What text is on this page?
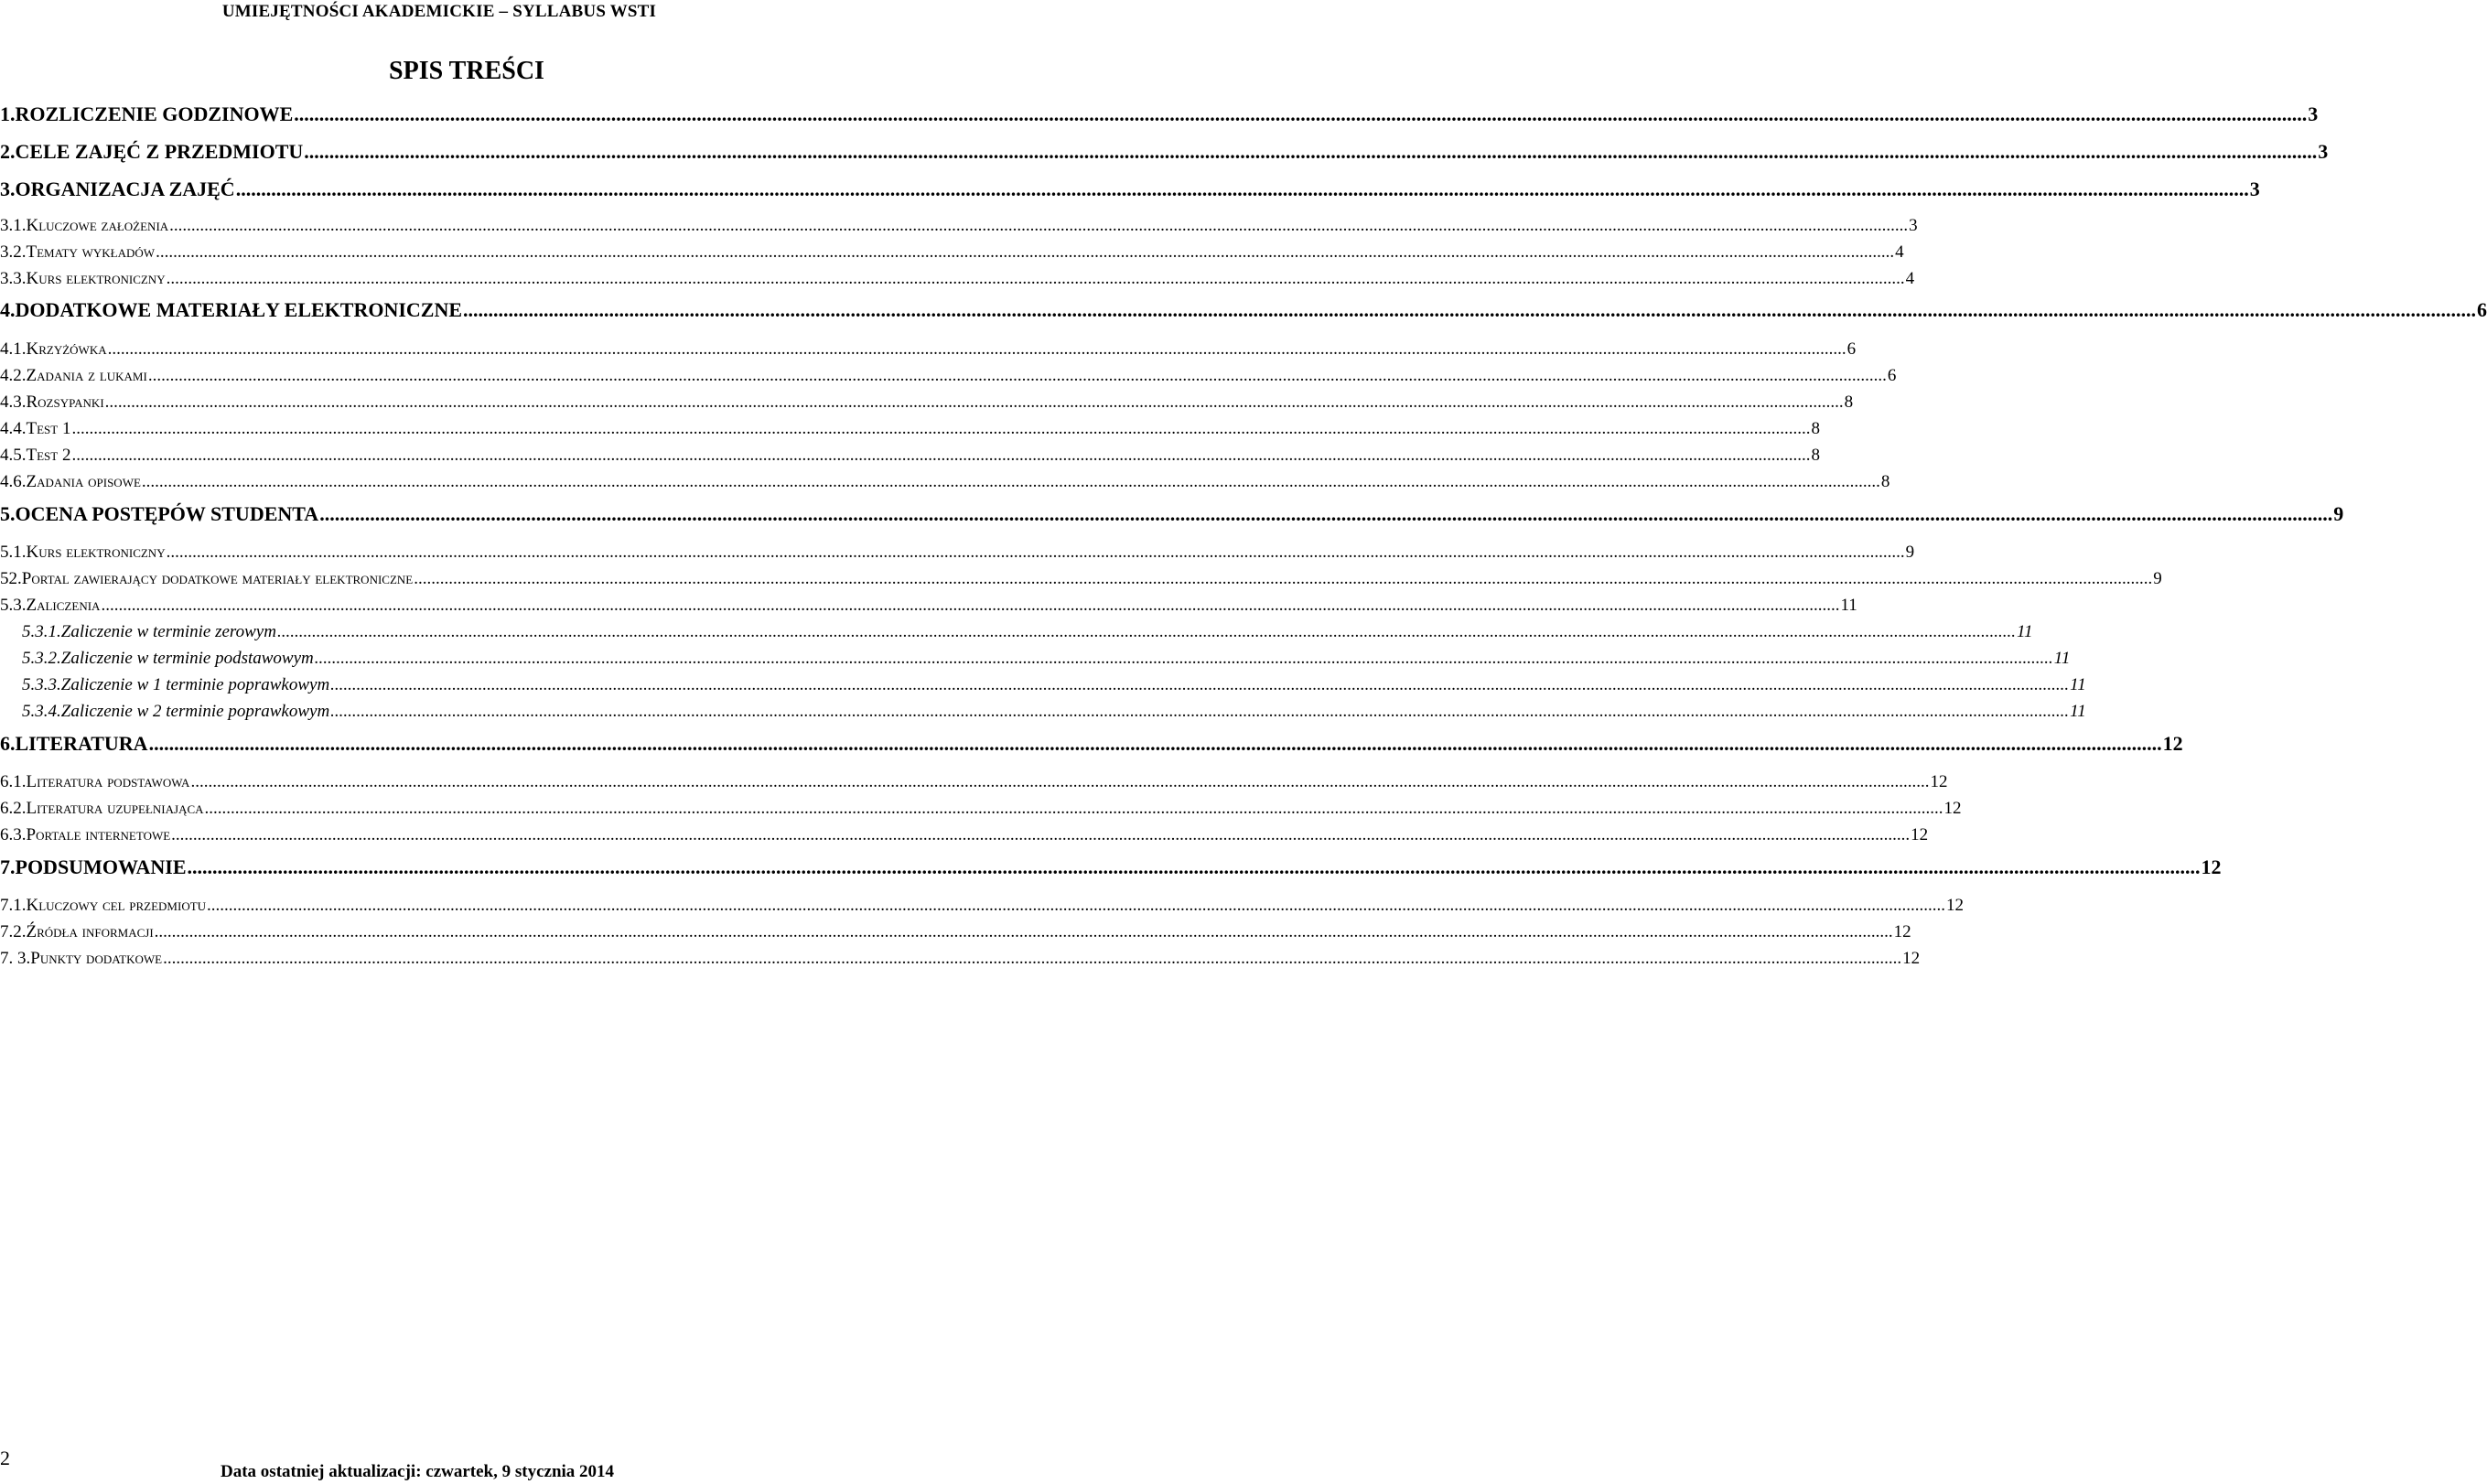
UMIEJĘTNOŚCI AKADEMICKIE – SYLLABUS WSTI
SPIS TREŚCI
1. ROZLICZENIE GODZINOWE ................................................................................................................................................................................................................................................................................................................................................................................................................ 3
2. CELE ZAJĘĆ Z PRZEDMIOTU ................................................................................................................................................................................................................................................................................................................................................................................................................ 3
3. ORGANIZACJA ZAJĘĆ ................................................................................................................................................................................................................................................................................................................................................................................................................ 3
3.1. Kluczowe założenia ................................................................................................................................................................................................................................................................................................................................................................................................................ 3
3.2. Tematy wykładów ................................................................................................................................................................................................................................................................................................................................................................................................................ 4
3.3. Kurs elektroniczny ................................................................................................................................................................................................................................................................................................................................................................................................................ 4
4. DODATKOWE MATERIAŁY ELEKTRONICZNE ................................................................................................................................................................................................................................................................................................................................................................................................................ 6
4.1. Krzyżówka ................................................................................................................................................................................................................................................................................................................................................................................................................ 6
4.2. Zadania z lukami ................................................................................................................................................................................................................................................................................................................................................................................................................ 6
4.3. Rozsypanki ................................................................................................................................................................................................................................................................................................................................................................................................................ 8
4.4. Test 1 ................................................................................................................................................................................................................................................................................................................................................................................................................ 8
4.5. Test 2 ................................................................................................................................................................................................................................................................................................................................................................................................................ 8
4.6. Zadania opisowe ................................................................................................................................................................................................................................................................................................................................................................................................................ 8
5. OCENA POSTĘPÓW STUDENTA ................................................................................................................................................................................................................................................................................................................................................................................................................ 9
5.1. Kurs elektroniczny ................................................................................................................................................................................................................................................................................................................................................................................................................ 9
52. Portal zawierający dodatkowe materiały elektroniczne ................................................................................................................................................................................................................................................................................................................................................................................................................ 9
5.3. Zaliczenia ................................................................................................................................................................................................................................................................................................................................................................................................................ 11
5.3.1. Zaliczenie w terminie zerowym ................................................................................................................................................................................................................................................................................................................................................................................................................ 11
5.3.2. Zaliczenie w terminie podstawowym ................................................................................................................................................................................................................................................................................................................................................................................................................ 11
5.3.3. Zaliczenie w 1 terminie poprawkowym ................................................................................................................................................................................................................................................................................................................................................................................................................ 11
5.3.4. Zaliczenie w 2 terminie poprawkowym ................................................................................................................................................................................................................................................................................................................................................................................................................ 11
6. LITERATURA ................................................................................................................................................................................................................................................................................................................................................................................................................ 12
6.1. Literatura podstawowa ................................................................................................................................................................................................................................................................................................................................................................................................................ 12
6.2. Literatura uzupełniająca ................................................................................................................................................................................................................................................................................................................................................................................................................ 12
6.3. Portale internetowe ................................................................................................................................................................................................................................................................................................................................................................................................................ 12
7. PODSUMOWANIE ................................................................................................................................................................................................................................................................................................................................................................................................................ 12
7.1. Kluczowy cel przedmiotu ................................................................................................................................................................................................................................................................................................................................................................................................................ 12
7.2. Źródła informacji ................................................................................................................................................................................................................................................................................................................................................................................................................ 12
7. 3. Punkty dodatkowe ................................................................................................................................................................................................................................................................................................................................................................................................................ 12
2
Data ostatniej aktualizacji: czwartek, 9 stycznia 2014
